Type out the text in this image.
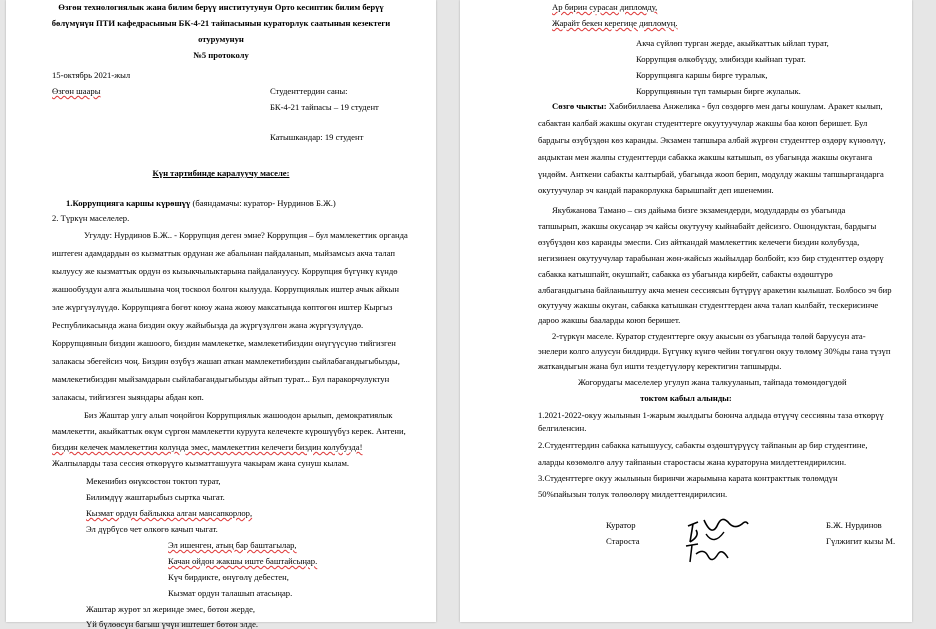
Өзгөн технологиялык жана билим берүү институтунун Орто кесиптик билим берүү
бөлүмүнүн ПТИ кафедрасынын БК-4-21 тайпасынын кураторлук саатынын кезектеги
отурумунун
№5 протоколу
15-октябрь 2021-жыл
Өзгөн шаары	Студенттердин саны:
БК-4-21 тайпасы – 19 студент
Катышкандар: 19 студент
Күн тартибинде каралуучу маселе:
1.Коррупцияга каршы күрөшүү (баяндамачы: куратор- Нурдинов Б.Ж.)
2. Түркүн маселелер.
Угулду: Нурдинов Б.Ж.. - Коррупция деген эмне? Коррупция – бул мамлекеттик органда
иштеген адамдардын өз кызматтык ордунан же абалынан пайдаланып, мыйзамсыз акча талап
кылуусу же кызматтык ордун өз кызыкчылыктарына пайдалануусу. Коррупция бүгүнкү күндө
жашообуздун алга жылышына чоң тоскоол болгон кылууда. Коррупциялык иштер ачык айкын
эле жүргүзүлүүдө. Коррупцияга бөгөт коюу жана жоюу максатында көптөгөн иштер Кыргыз
Республикасында жана биздин окуу жайыбызда да жүргүзүлгөн жана жүргүзүлүүдө.
Коррупциянын биздин жашоого, биздин мамлекетке, мамлекетибиздин өнүгүүсүнө тийгизген
залакасы эбегейсиз чоң. Биздин өзүбүз жашап аткан мамлекетибиздин сыйлабагандыгыбызды,
мамлекетибиздин мыйзамдарын сыйлабагандыгыбызды айтып турат... Бул паракорчулуктун
залакасы, тийгизген зыяндары абдан көп.
Биз Жаштар улгу алып чоңойгон Коррупциялык жашоодон арылып, демократиялык
мамлекетти, акыйкаттык өкүм сүргөн мамлекетти куруута келечекте күрөшүүбүз керек. Антени,
биздин келечек мамлекеттин колунда эмес, мамлекеттин келечеги биздин колубузда!
Жалпыларды таза сессия өткөрүүгө кызматташууга чакырам жана сунуш кылам.
Мекенибиз өнүксөстөн токтоп турат,
Билимдүү жаштарыбыз сыртка чыгат.
Кызмат ордун байлыкка алган мансапкорлор,
Эл дүрбүсө чет өлкөгө качып чыгат.
Эл ишенген, атың бар баштагылар,
Качан ойдон жакшы иште баштайсыңар.
Күч бирдикте, өнүгөлү дебестен,
Кызмат ордун талашып атасыңар.
Жаштар журөт эл жеринде эмес, бөтөн жерде,
Үй бүлөөсүн багыш үчүн иштешет бөтөн элде.
Ар бирин сурасан дипломду,
Жарайт бекен керегиңе дипломуң.
Акча сүйлөп турган жерде, акыйкаттык ыйлап турат,
Коррупция өлкөбүзду, элибизди кыйнап турат.
Коррупцияга каршы бирге туралык,
Коррупциянын түп тамырын бирге жулалык.
Сөзгө чыкты: Хабибиллаева Анжелика - бул сөздөргө мен дагы кошулам. Аракет кылып,
сабактан калбай жакшы окуган студенттерге окуутуучулар жакшы баа коюп беришет. Бул
бардыгы өзүбүздөн көз каранды. Экзамен тапшыра албай жүргөн студенттер өздөрү күнөөлүү,
андыктан мен жалпы студенттерди сабакка жакшы катышып, өз убагында жакшы окуганга
үндөйм. Анткени сабакты калтырбай, убагында жооп берип, модулду жакшы тапшыргандарга
окутуучулар эч кандай паракорлукка барышпайт деп ишенемин.
Якубжанова Тамано – сиз дайыма бизге экзамендерди, модулдарды өз убагында
тапшырып, жакшы окусаңар эч кайсы окутуучу кыйнабайт дейсизго. Ошондуктан, бардыгы
өзүбүздөн көз каранды эмеспи. Сиз айткандай мамлекеттик келечеги биздин колубузда,
негизинен окутуучулар тарабынан жөн-жайсыз жыйылдар болбойт, кээ бир студенттер өздөрү
сабакка катышпайт, окушпайт, сабакка өз убагында кирбейт, сабакты өздөштүрө
албагандыгына байланыштуу акча менен сессиясын бүтүрүү аракетин кылышат. Болбосо эч бир
окутуучу жакшы окуган, сабакка катышкан студенттерден акча талап кылбайт, тескерисинче
дароо жакшы бааларды коюп беришет.
2-түркүн маселе. Куратор студенттерге окуу акысын өз убагында төлөй баруусун ата-
энелери колго алуусун билдирди. Бүгүнкү күнгө чейин төгүлгөн окуу төлөмү 30%ды гана түзүп
жаткандыгын жана бул ишти тездетүүлөрү керектигин тапшырды.
Жогорудагы маселелер угулуп жана талкууланып, тайпада төмөндөгүдөй
токтом кабыл алынды:
1.2021-2022-окуу жылынын 1-жарым жылдыгы боюнча алдыда өтүүчү сессияны таза өткөрүү
белгиленсин.
2.Студенттердин сабакка катышуусу, сабакты өздөштүрүүсү тайпанын ар бир студентине,
аларды көзөмөлгө алуу тайпанын старостасы жана кураторуна милдеттендирилсин.
3.Студенттерге окуу жылынын биринчи жарымына карата контракттык төлөмдүн
50%пайызын толук төлөөлөрү милдеттендирилсин.
Куратор	Б.Ж. Нурдинов
Староста	Гүлжигит кызы М.
